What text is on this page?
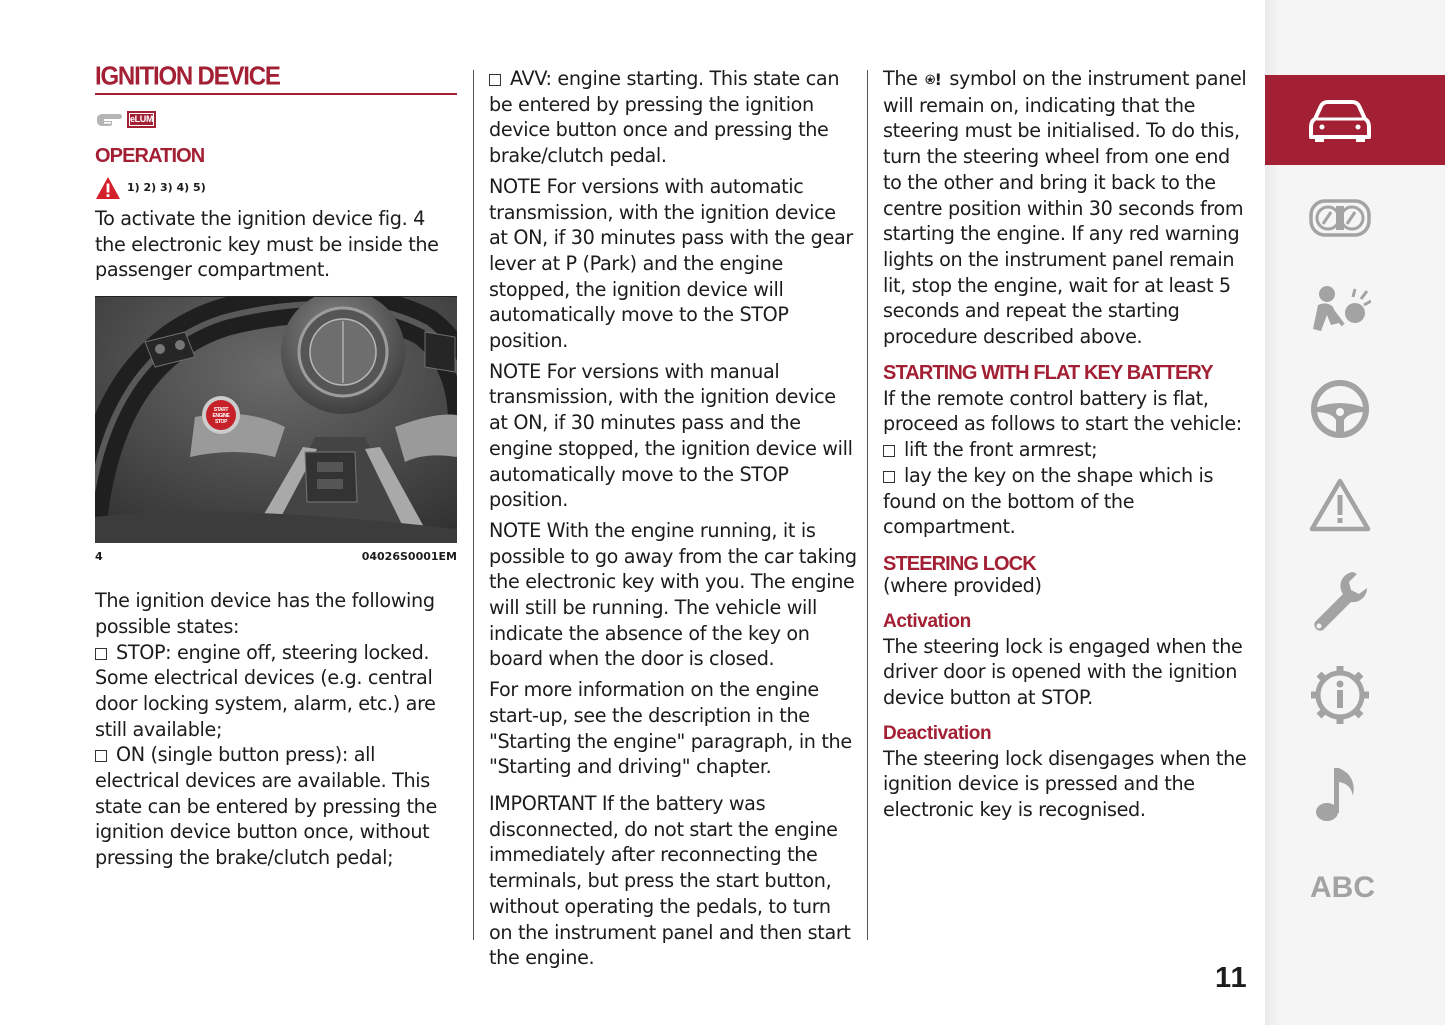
IGNITION DEVICE
eLUM
OPERATION
1) 2) 3) 4) 5)

To activate the ignition device fig. 4 the electronic key must be inside the passenger compartment.

START
ENGINE
STOP
4	04026S0001EM

The ignition device has the following possible states:

STOP: engine off, steering locked. Some electrical devices (e.g. central door locking system, alarm, etc.) are still available;

ON (single button press): all electrical devices are available. This state can be entered by pressing the ignition device button once, without pressing the brake/clutch pedal;

AVV: engine starting. This state can be entered by pressing the ignition device button once and pressing the brake/clutch pedal.

NOTE For versions with automatic transmission, with the ignition device at ON, if 30 minutes pass with the gear lever at P (Park) and the engine stopped, the ignition device will automatically move to the STOP position.

NOTE For versions with manual transmission, with the ignition device at ON, if 30 minutes pass and the engine stopped, the ignition device will automatically move to the STOP position.

NOTE With the engine running, it is possible to go away from the car taking the electronic key with you. The engine will still be running. The vehicle will indicate the absence of the key on board when the door is closed.

For more information on the engine start-up, see the description in the "Starting the engine" paragraph, in the "Starting and driving" chapter.

IMPORTANT If the battery was disconnected, do not start the engine immediately after reconnecting the terminals, but press the start button, without operating the pedals, to turn on the instrument panel and then start the engine.

The ⍟! symbol on the instrument panel will remain on, indicating that the steering must be initialised. To do this, turn the steering wheel from one end to the other and bring it back to the centre position within 30 seconds from starting the engine. If any red warning lights on the instrument panel remain lit, stop the engine, wait for at least 5 seconds and repeat the starting procedure described above.

STARTING WITH FLAT KEY BATTERY

If the remote control battery is flat, proceed as follows to start the vehicle:

lift the front armrest;

lay the key on the shape which is found on the bottom of the compartment.

STEERING LOCK

(where provided)

Activation

The steering lock is engaged when the driver door is opened with the ignition device button at STOP.

Deactivation

The steering lock disengages when the ignition device is pressed and the electronic key is recognised.

ABC
11
